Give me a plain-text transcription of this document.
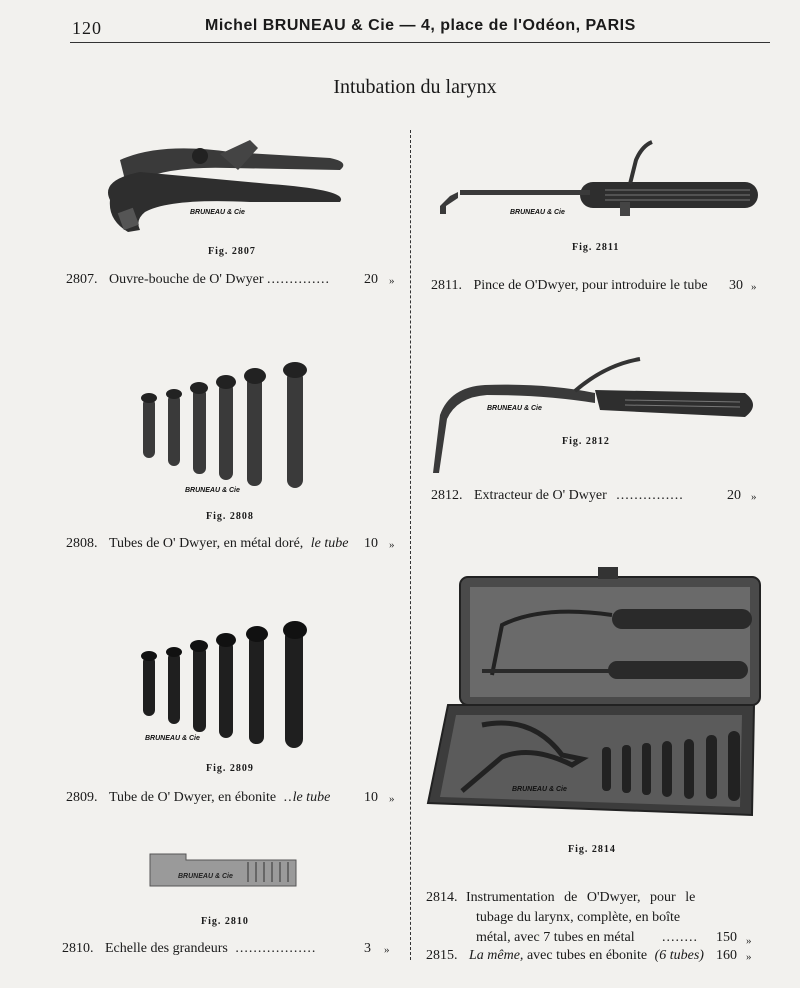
120	Michel BRUNEAU & Cie — 4, place de l'Odéon, PARIS
Intubation du larynx
BRUNEAU & Cie
Fig. 2807
2807. Ouvre-bouche de O' Dwyer .............. 20 »
BRUNEAU & Cie
Fig. 2808
2808. Tubes de O' Dwyer, en métal doré, le tube 10 »
BRUNEAU & Cie
Fig. 2809
2809. Tube de O' Dwyer, en ébonite ..le tube 10 »
BRUNEAU & Cie
Fig. 2810
2810. Echelle des grandeurs ..................	3 »
BRUNEAU & Cie
Fig. 2811
2811. Pince de O'Dwyer, pour introduire le tube 30 »
BRUNEAU & Cie
Fig. 2812
2812. Extracteur de O' Dwyer ...............	20 »
BRUNEAU & Cie
Fig. 2814
2814. Instrumentation de O'Dwyer, pour le
tubage du larynx, complète, en boîte
métal, avec 7 tubes en métal ........ 150 »
2815. La même, avec tubes en ébonite (6 tubes) 160 »
